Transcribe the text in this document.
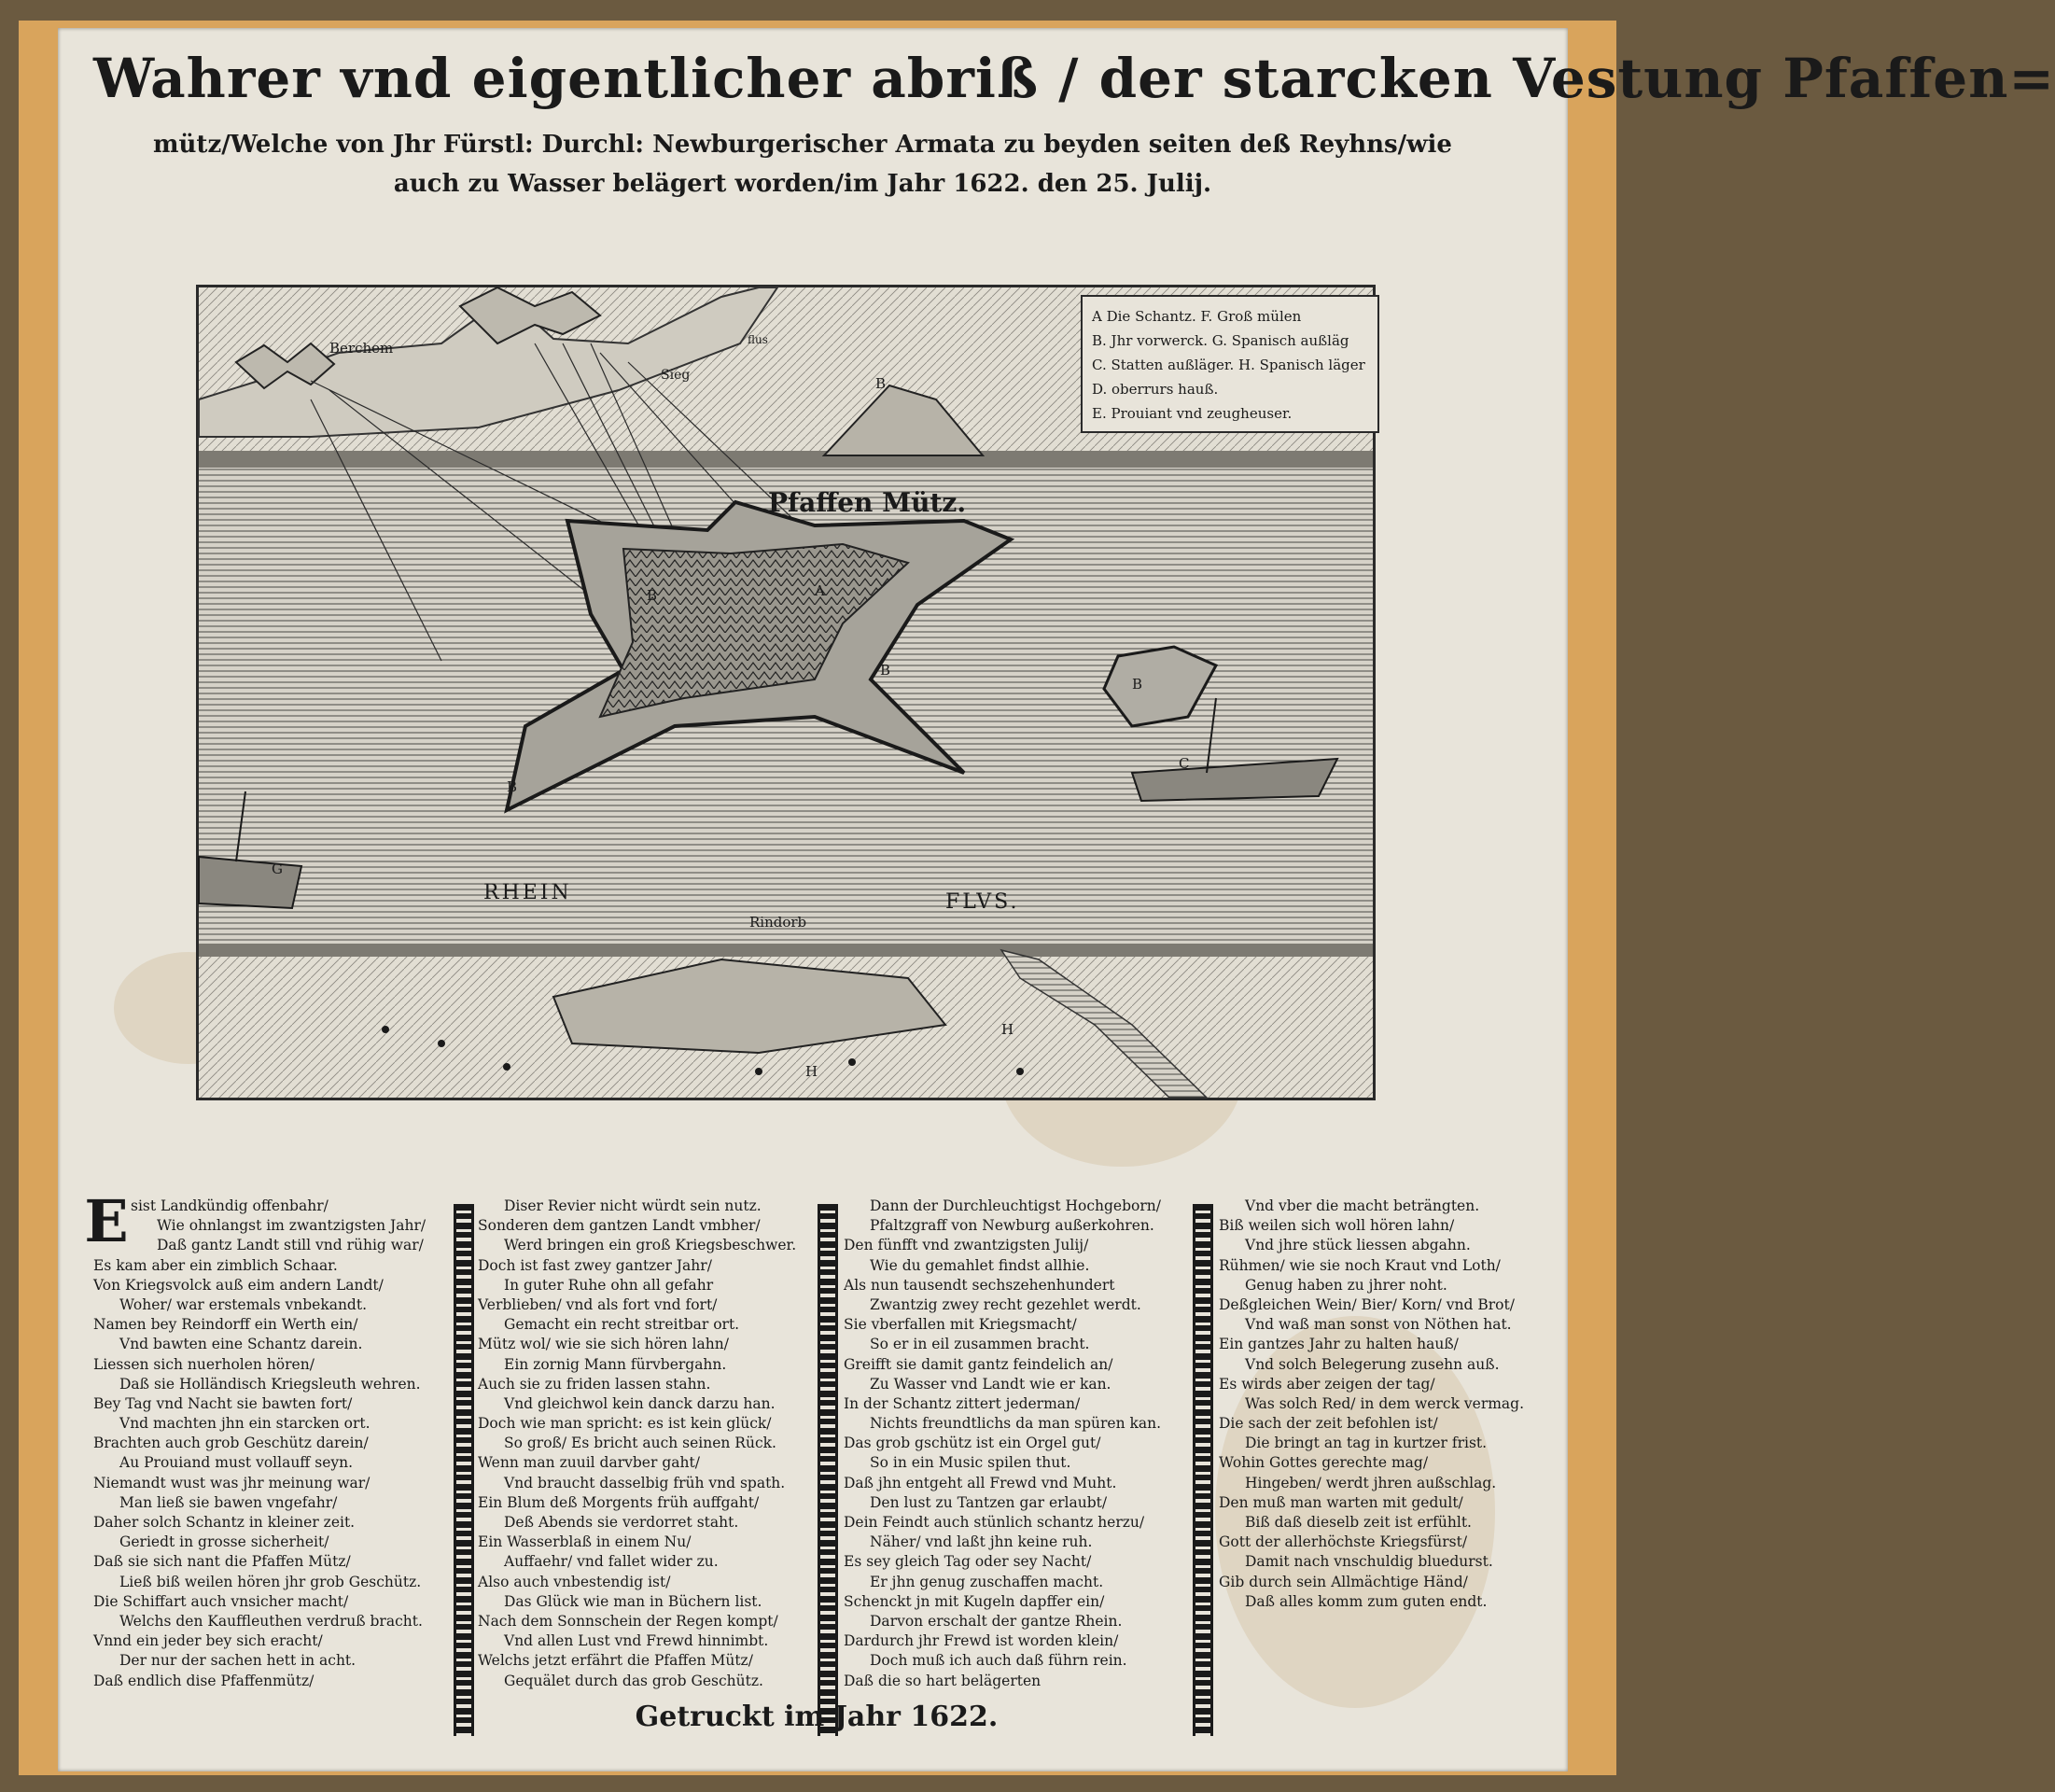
Wahrer vnd eigentlicher abriß / der starcken Vestung Pfaffen=
mütz/Welche von Jhr Fürstl: Durchl: Newburgerischer Armata zu beyden seiten deß Reyhns/wie
auch zu Wasser belägert worden/im Jahr 1622. den 25. Julij.
Berchem
Sieg
flus
Pfaffen Mütz.
RHEIN	FLVS.
Rindorb
B
B
B
B
C
G
B
A
H
H
A Die Schantz. F. Groß mülen
B. Jhr vorwerck. G. Spanisch außläg
C. Statten außläger. H. Spanisch läger
D. oberrurs hauß.
E. Prouiant vnd zeugheuser.
E sist Landkündig offenbahr/
Wie ohnlangst im zwantzigsten Jahr/
Daß gantz Landt still vnd rühig war/
Es kam aber ein zimblich Schaar.
Von Kriegsvolck auß eim andern Landt/
Woher/ war erstemals vnbekandt.
Namen bey Reindorff ein Werth ein/
Vnd bawten eine Schantz darein.
Liessen sich nuerholen hören/
Daß sie Holländisch Kriegsleuth wehren.
Bey Tag vnd Nacht sie bawten fort/
Vnd machten jhn ein starcken ort.
Brachten auch grob Geschütz darein/
Au Prouiand must vollauff seyn.
Niemandt wust was jhr meinung war/
Man ließ sie bawen vngefahr/
Daher solch Schantz in kleiner zeit.
Geriedt in grosse sicherheit/
Daß sie sich nant die Pfaffen Mütz/
Ließ biß weilen hören jhr grob Geschütz.
Die Schiffart auch vnsicher macht/
Welchs den Kauffleuthen verdruß bracht.
Vnnd ein jeder bey sich eracht/
Der nur der sachen hett in acht.
Daß endlich dise Pfaffenmütz/
Diser Revier nicht würdt sein nutz.
Sonderen dem gantzen Landt vmbher/
Werd bringen ein groß Kriegsbeschwer.
Doch ist fast zwey gantzer Jahr/
In guter Ruhe ohn all gefahr
Verblieben/ vnd als fort vnd fort/
Gemacht ein recht streitbar ort.
Mütz wol/ wie sie sich hören lahn/
Ein zornig Mann fürvbergahn.
Auch sie zu friden lassen stahn.
Vnd gleichwol kein danck darzu han.
Doch wie man spricht: es ist kein glück/
So groß/ Es bricht auch seinen Rück.
Wenn man zuuil darvber gaht/
Vnd braucht dasselbig früh vnd spath.
Ein Blum deß Morgents früh auffgaht/
Deß Abends sie verdorret staht.
Ein Wasserblaß in einem Nu/
Auffaehr/ vnd fallet wider zu.
Also auch vnbestendig ist/
Das Glück wie man in Büchern list.
Nach dem Sonnschein der Regen kompt/
Vnd allen Lust vnd Frewd hinnimbt.
Welchs jetzt erfährt die Pfaffen Mütz/
Gequälet durch das grob Geschütz.
Dann der Durchleuchtigst Hochgeborn/
Pfaltzgraff von Newburg außerkohren.
Den fünfft vnd zwantzigsten Julij/
Wie du gemahlet findst allhie.
Als nun tausendt sechszehenhundert
Zwantzig zwey recht gezehlet werdt.
Sie vberfallen mit Kriegsmacht/
So er in eil zusammen bracht.
Greifft sie damit gantz feindelich an/
Zu Wasser vnd Landt wie er kan.
In der Schantz zittert jederman/
Nichts freundtlichs da man spüren kan.
Das grob gschütz ist ein Orgel gut/
So in ein Music spilen thut.
Daß jhn entgeht all Frewd vnd Muht.
Den lust zu Tantzen gar erlaubt/
Dein Feindt auch stünlich schantz herzu/
Näher/ vnd laßt jhn keine ruh.
Es sey gleich Tag oder sey Nacht/
Er jhn genug zuschaffen macht.
Schenckt jn mit Kugeln dapffer ein/
Darvon erschalt der gantze Rhein.
Dardurch jhr Frewd ist worden klein/
Doch muß ich auch daß führn rein.
Daß die so hart belägerten
Vnd vber die macht beträngten.
Biß weilen sich woll hören lahn/
Vnd jhre stück liessen abgahn.
Rühmen/ wie sie noch Kraut vnd Loth/
Genug haben zu jhrer noht.
Deßgleichen Wein/ Bier/ Korn/ vnd Brot/
Vnd waß man sonst von Nöthen hat.
Ein gantzes Jahr zu halten hauß/
Vnd solch Belegerung zusehn auß.
Es wirds aber zeigen der tag/
Was solch Red/ in dem werck vermag.
Die sach der zeit befohlen ist/
Die bringt an tag in kurtzer frist.
Wohin Gottes gerechte mag/
Hingeben/ werdt jhren außschlag.
Den muß man warten mit gedult/
Biß daß dieselb zeit ist erfühlt.
Gott der allerhöchste Kriegsfürst/
Damit nach vnschuldig bluedurst.
Gib durch sein Allmächtige Händ/
Daß alles komm zum guten endt.
Getruckt im Jahr 1622.
